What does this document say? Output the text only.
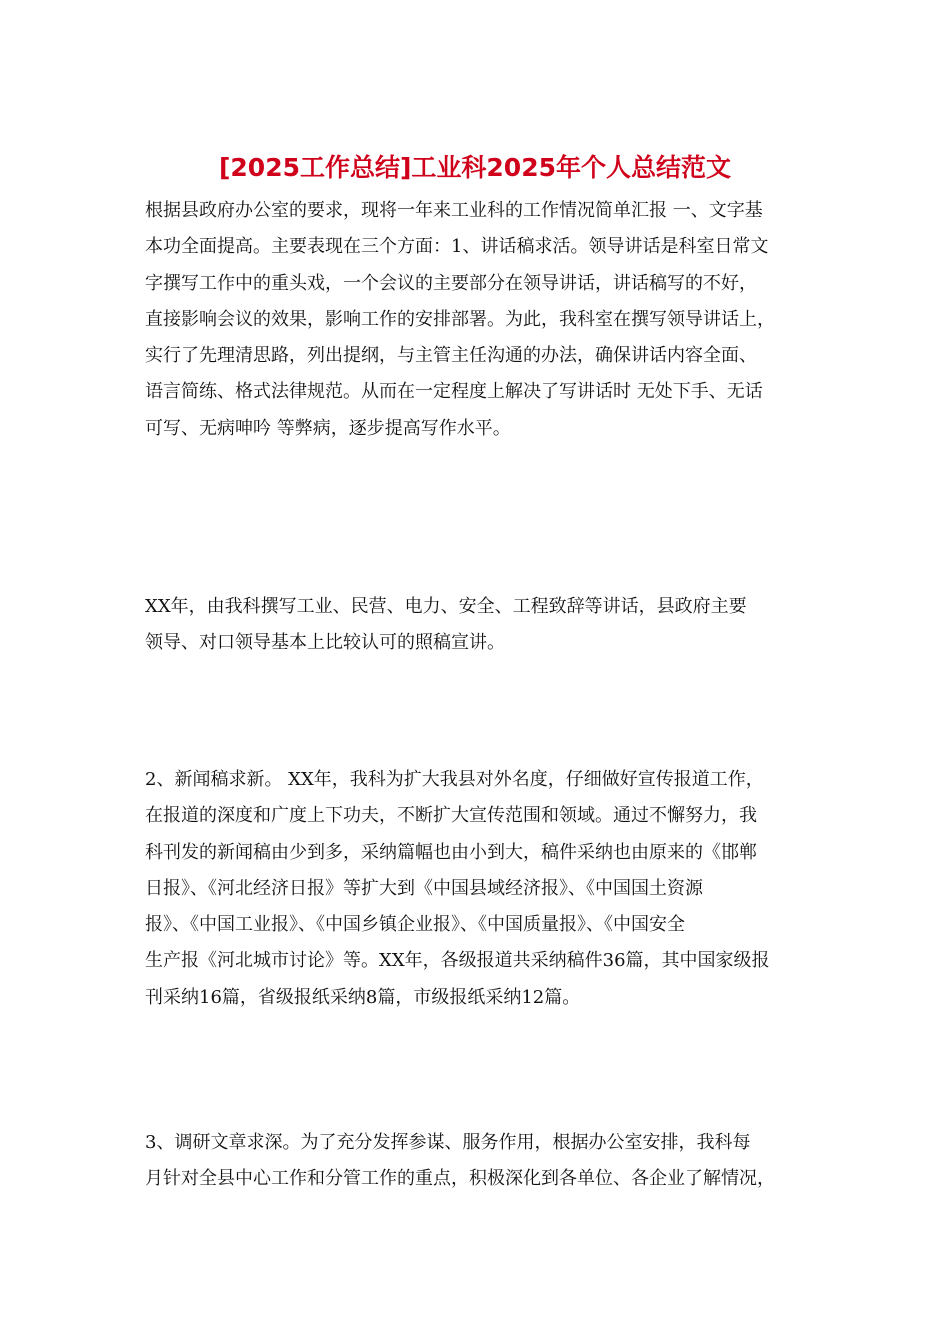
[2025工作总结]工业科2025年个人总结范文
根据县政府办公室的要求，现将一年来工业科的工作情况简单汇报 一、文字基
本功全面提高。主要表现在三个方面：1、讲话稿求活。领导讲话是科室日常文
字撰写工作中的重头戏，一个会议的主要部分在领导讲话，讲话稿写的不好，
直接影响会议的效果，影响工作的安排部署。为此，我科室在撰写领导讲话上，
实行了先理清思路，列出提纲，与主管主任沟通的办法，确保讲话内容全面、
语言简练、格式法律规范。从而在一定程度上解决了写讲话时 无处下手、无话
可写、无病呻吟 等弊病，逐步提高写作水平。
XX年，由我科撰写工业、民营、电力、安全、工程致辞等讲话，县政府主要
领导、对口领导基本上比较认可的照稿宣讲。
2、新闻稿求新。 XX年，我科为扩大我县对外名度，仔细做好宣传报道工作，
在报道的深度和广度上下功夫，不断扩大宣传范围和领域。通过不懈努力，我
科刊发的新闻稿由少到多，采纳篇幅也由小到大，稿件采纳也由原来的《邯郸
日报》、《河北经济日报》等扩大到《中国县域经济报》、《中国国土资源
报》、《中国工业报》、《中国乡镇企业报》、《中国质量报》、《中国安全
生产报《河北城市讨论》等。XX年，各级报道共采纳稿件36篇，其中国家级报
刊采纳16篇，省级报纸采纳8篇，市级报纸采纳12篇。
3、调研文章求深。为了充分发挥参谋、服务作用，根据办公室安排，我科每
月针对全县中心工作和分管工作的重点，积极深化到各单位、各企业了解情况，
